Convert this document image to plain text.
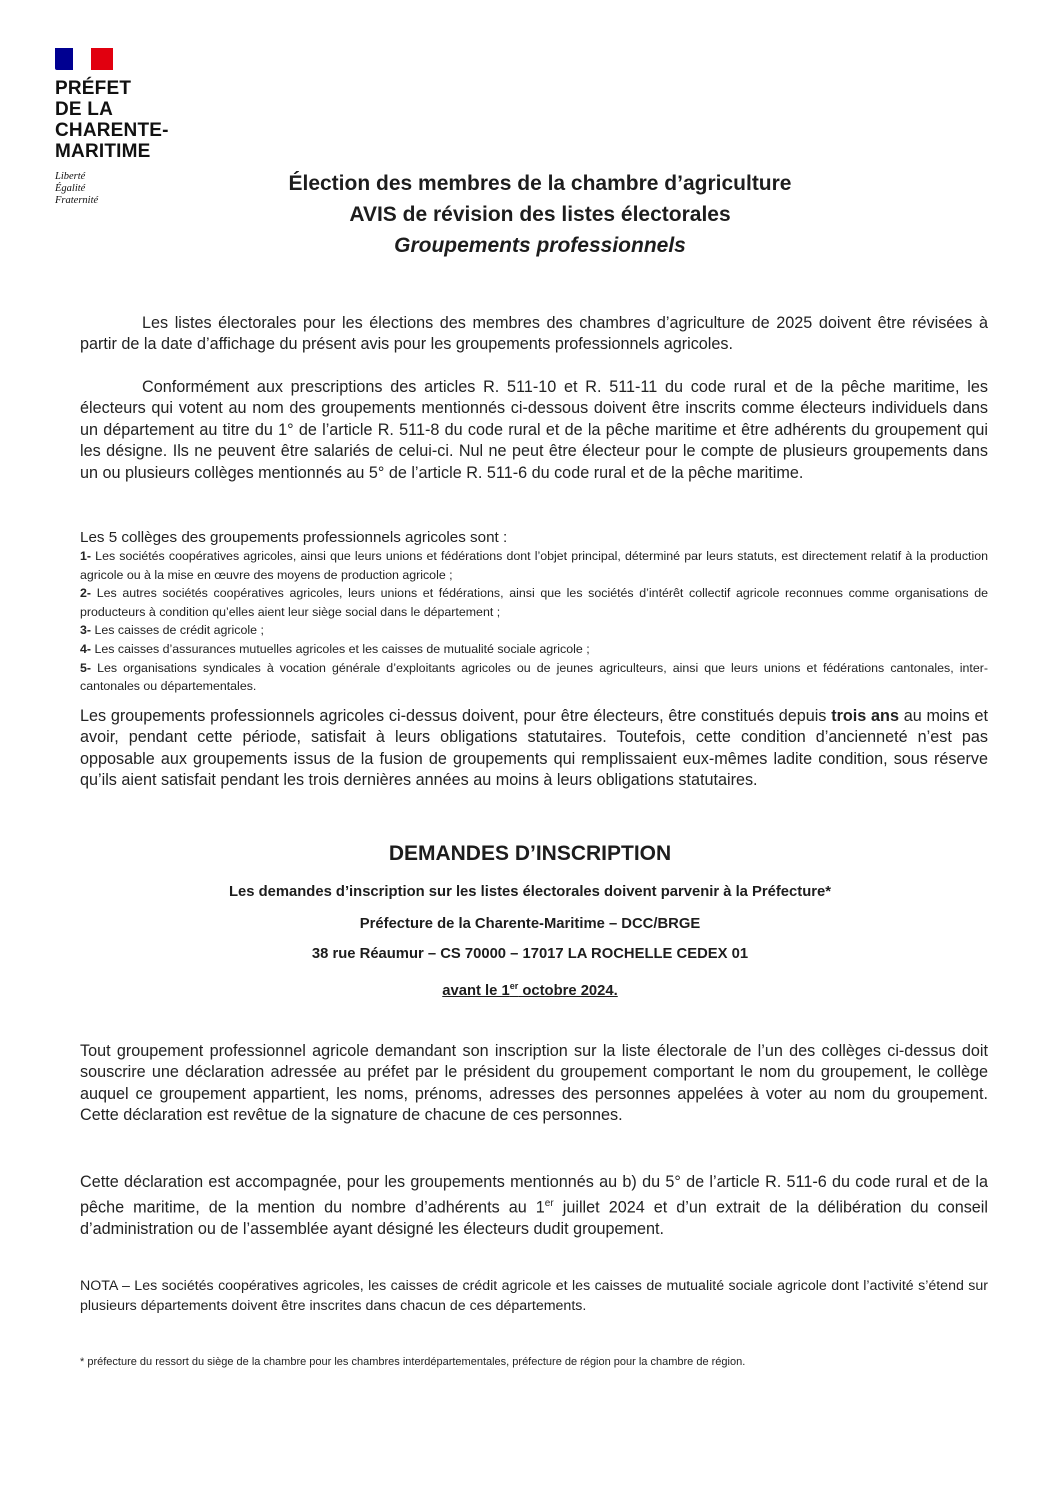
PRÉFET
DE LA
CHARENTE-
MARITIME
Liberté
Égalité
Fraternité
Élection des membres de la chambre d’agriculture
AVIS de révision des listes électorales
Groupements professionnels
Les listes électorales pour les élections des membres des chambres d’agriculture de 2025 doivent être révisées à partir de la date d’affichage du présent avis pour les groupements professionnels agricoles.
Conformément aux prescriptions des articles R. 511-10 et R. 511-11 du code rural et de la pêche maritime, les électeurs qui votent au nom des groupements mentionnés ci-dessous doivent être inscrits comme électeurs individuels dans un département au titre du 1° de l’article R. 511-8 du code rural et de la pêche maritime et être adhérents du groupement qui les désigne. Ils ne peuvent être salariés de celui-ci. Nul ne peut être électeur pour le compte de plusieurs groupements dans un ou plusieurs collèges mentionnés au 5° de l’article R. 511-6 du code rural et de la pêche maritime.
Les 5 collèges des groupements professionnels agricoles sont :
1- Les sociétés coopératives agricoles, ainsi que leurs unions et fédérations dont l’objet principal, déterminé par leurs statuts, est directement relatif à la production agricole ou à la mise en œuvre des moyens de production agricole ;
2- Les autres sociétés coopératives agricoles, leurs unions et fédérations, ainsi que les sociétés d’intérêt collectif agricole reconnues comme organisations de producteurs à condition qu’elles aient leur siège social dans le département ;
3- Les caisses de crédit agricole ;
4- Les caisses d’assurances mutuelles agricoles et les caisses de mutualité sociale agricole ;
5- Les organisations syndicales à vocation générale d’exploitants agricoles ou de jeunes agriculteurs, ainsi que leurs unions et fédérations cantonales, inter-cantonales ou départementales.
Les groupements professionnels agricoles ci-dessus doivent, pour être électeurs, être constitués depuis trois ans au moins et avoir, pendant cette période, satisfait à leurs obligations statutaires. Toutefois, cette condition d’ancienneté n’est pas opposable aux groupements issus de la fusion de groupements qui remplissaient eux-mêmes ladite condition, sous réserve qu’ils aient satisfait pendant les trois dernières années au moins à leurs obligations statutaires.
DEMANDES D’INSCRIPTION
Les demandes d’inscription sur les listes électorales doivent parvenir à la Préfecture*
Préfecture de la Charente-Maritime – DCC/BRGE
38 rue Réaumur – CS 70000 – 17017 LA ROCHELLE CEDEX 01
avant le 1er octobre 2024.
Tout groupement professionnel agricole demandant son inscription sur la liste électorale de l’un des collèges ci-dessus doit souscrire une déclaration adressée au préfet par le président du groupement comportant le nom du groupement, le collège auquel ce groupement appartient, les noms, prénoms, adresses des personnes appelées à voter au nom du groupement. Cette déclaration est revêtue de la signature de chacune de ces personnes.
Cette déclaration est accompagnée, pour les groupements mentionnés au b) du 5° de l’article R. 511-6 du code rural et de la pêche maritime, de la mention du nombre d’adhérents au 1er juillet 2024 et d’un extrait de la délibération du conseil d’administration ou de l’assemblée ayant désigné les électeurs dudit groupement.
NOTA – Les sociétés coopératives agricoles, les caisses de crédit agricole et les caisses de mutualité sociale agricole dont l’activité s’étend sur plusieurs départements doivent être inscrites dans chacun de ces départements.
* préfecture du ressort du siège de la chambre pour les chambres interdépartementales, préfecture de région pour la chambre de région.
